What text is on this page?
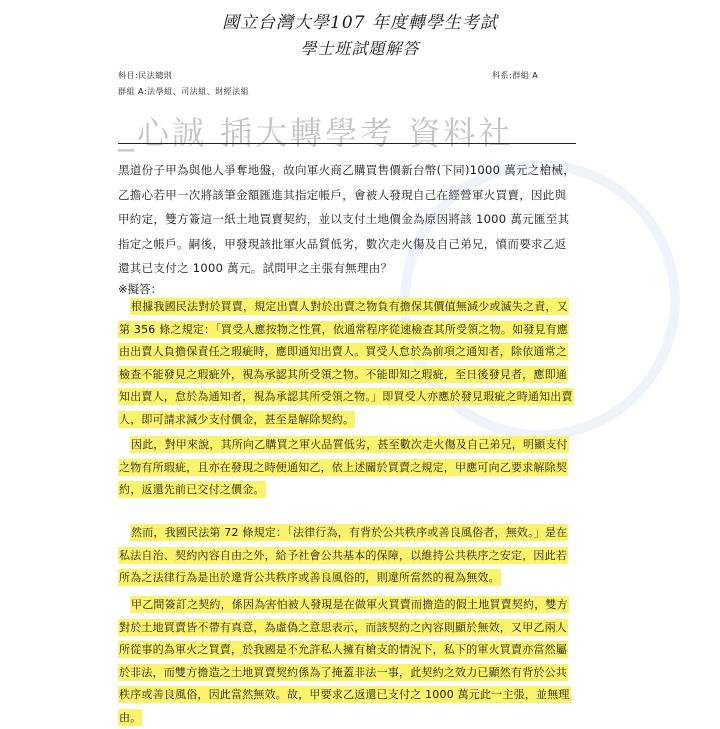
國立台灣大學107 年度轉學生考試
學士班試題解答
科目:民法總則	科系:群組 A
群組 A:法學組、司法組、財經法組
_心誠 插大轉學考 資料社
黑道份子甲為與他人爭奪地盤，故向軍火商乙購買售價新台幣(下同)1000 萬元之槍械，乙擔心若甲一次將該筆金額匯進其指定帳戶，會被人發現自己在經營軍火買賣，因此與甲約定，雙方簽這一紙土地買賣契約，並以支付土地價金為原因將該 1000 萬元匯至其指定之帳戶。嗣後，甲發現該批軍火品質低劣，數次走火傷及自己弟兄，憤而要求乙返還其已支付之 1000 萬元。試問甲之主張有無理由？
※擬答：
根據我國民法對於買賣，規定出賣人對於出賣之物負有擔保其價值無減少或滅失之責，又第 356 條之規定：「買受人應按物之性質，依通常程序從速檢查其所受領之物。如發見有應由出賣人負擔保責任之瑕疵時，應即通知出賣人。買受人怠於為前項之通知者，除依通常之檢查不能發見之瑕疵外，視為承認其所受領之物。不能即知之瑕疵，至日後發見者，應即通知出賣人，怠於為通知者，視為承認其所受領之物。」即買受人亦應於發見瑕疵之時通知出賣人，即可請求減少支付價金，甚至是解除契約。
因此，對甲來說，其所向乙購買之軍火品質低劣，甚至數次走火傷及自己弟兄，明顯支付之物有所瑕疵，且亦在發現之時便通知乙，依上述關於買賣之規定，甲應可向乙要求解除契約，返還先前已交付之價金。
然而，我國民法第 72 條規定：「法律行為，有背於公共秩序或善良風俗者，無效。」是在私法自治、契約內容自由之外，給予社會公共基本的保障，以維持公共秩序之安定，因此若所為之法律行為是出於違背公共秩序或善良風俗的，則違所當然的視為無效。
甲乙間簽訂之契約，係因為害怕被人發現是在做軍火買賣而擔造的假土地買賣契約，雙方對於土地買賣皆不帶有真意，為虛偽之意思表示，而該契約之內容則顯於無效，又甲乙兩人所從事的為軍火之買賣，於我國是不允許私人擁有槍支的情況下，私下的軍火買賣亦當然屬於非法，而雙方擔造之土地買賣契約係為了掩蓋非法一事，此契約之效力已顯然有背於公共秩序或善良風俗，因此當然無效。故，甲要求乙返還已支付之 1000 萬元此一主張，並無理由。
